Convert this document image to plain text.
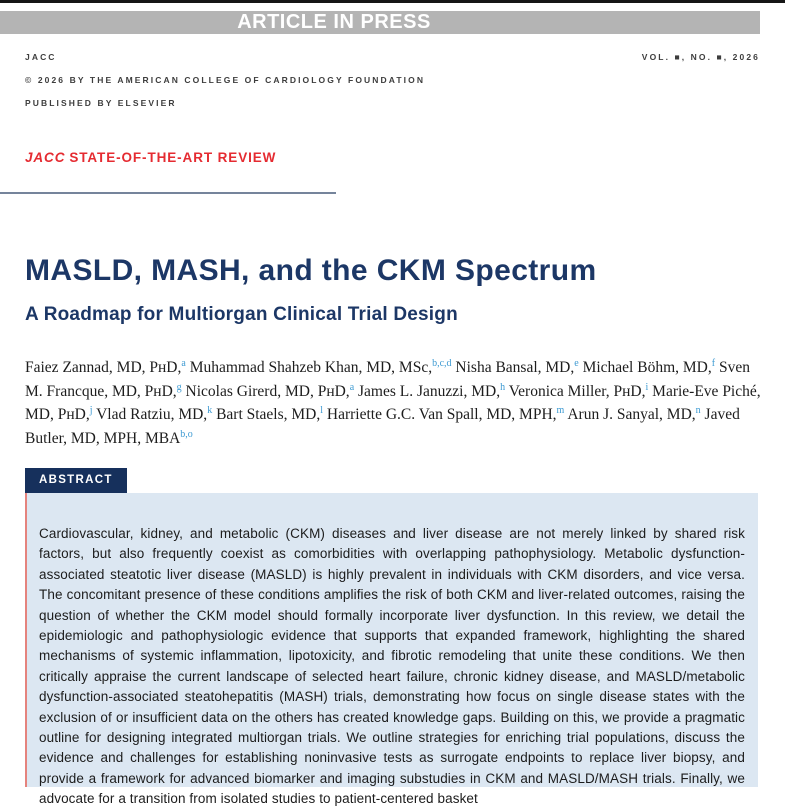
ARTICLE IN PRESS
JACC	VOL. ■, NO. ■, 2026
© 2026 BY THE AMERICAN COLLEGE OF CARDIOLOGY FOUNDATION
PUBLISHED BY ELSEVIER
JACC STATE-OF-THE-ART REVIEW
MASLD, MASH, and the CKM Spectrum
A Roadmap for Multiorgan Clinical Trial Design

Faiez Zannad, MD, PʜD,$^a$ Muhammad Shahzeb Khan, MD, MSc,$^{b,c,d}$ Nisha Bansal, MD,$^e$ Michael Böhm, MD,$^f$ Sven M. Francque, MD, PʜD,$^g$ Nicolas Girerd, MD, PʜD,$^a$ James L. Januzzi, MD,$^h$ Veronica Miller, PʜD,$^i$ Marie-Eve Piché, MD, PʜD,$^j$ Vlad Ratziu, MD,$^k$ Bart Staels, MD,$^l$ Harriette G.C. Van Spall, MD, MPH,$^m$ Arun J. Sanyal, MD,$^n$ Javed Butler, MD, MPH, MBA$^{b,o}$

ABSTRACT
Cardiovascular, kidney, and metabolic (CKM) diseases and liver disease are not merely linked by shared risk factors, but also frequently coexist as comorbidities with overlapping pathophysiology. Metabolic dysfunction-associated steatotic liver disease (MASLD) is highly prevalent in individuals with CKM disorders, and vice versa. The concomitant presence of these conditions amplifies the risk of both CKM and liver-related outcomes, raising the question of whether the CKM model should formally incorporate liver dysfunction. In this review, we detail the epidemiologic and pathophysiologic evidence that supports that expanded framework, highlighting the shared mechanisms of systemic inflammation, lipotoxicity, and fibrotic remodeling that unite these conditions. We then critically appraise the current landscape of selected heart failure, chronic kidney disease, and MASLD/metabolic dysfunction-associated steatohepatitis (MASH) trials, demonstrating how focus on single disease states with the exclusion of or insufficient data on the others has created knowledge gaps. Building on this, we provide a pragmatic outline for designing integrated multiorgan trials. We outline strategies for enriching trial populations, discuss the evidence and challenges for establishing noninvasive tests as surrogate endpoints to replace liver biopsy, and provide a framework for advanced biomarker and imaging substudies in CKM and MASLD/MASH trials. Finally, we advocate for a transition from isolated studies to patient-centered basket
